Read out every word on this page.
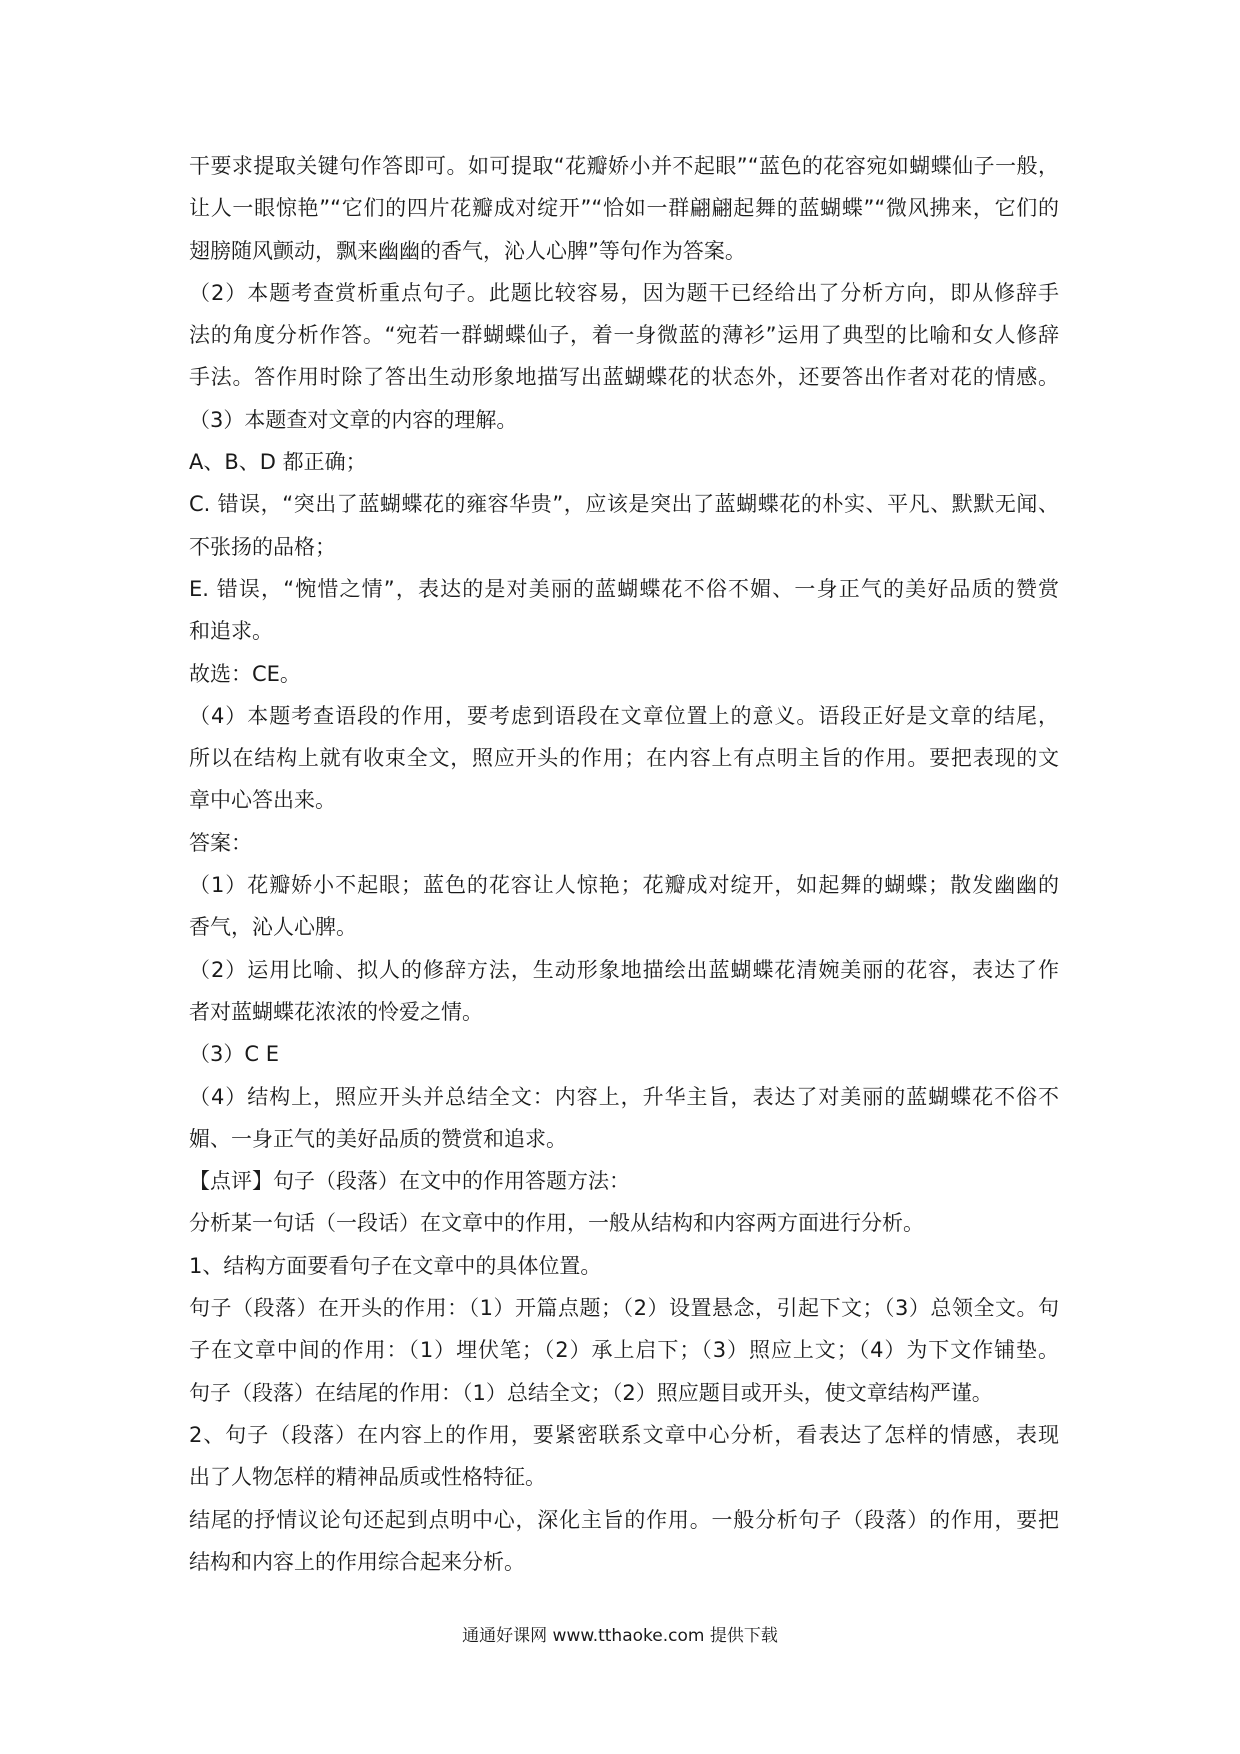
干要求提取关键句作答即可。如可提取“花瓣娇小并不起眼”“蓝色的花容宛如蝴蝶仙子一般，
让人一眼惊艳”“它们的四片花瓣成对绽开”“恰如一群翩翩起舞的蓝蝴蝶”“微风拂来，它们的
翅膀随风颤动，飘来幽幽的香气，沁人心脾”等句作为答案。
（2）本题考查赏析重点句子。此题比较容易，因为题干已经给出了分析方向，即从修辞手
法的角度分析作答。“宛若一群蝴蝶仙子，着一身微蓝的薄衫”运用了典型的比喻和女人修辞
手法。答作用时除了答出生动形象地描写出蓝蝴蝶花的状态外，还要答出作者对花的情感。
（3）本题查对文章的内容的理解。
A、B、D 都正确；
C. 错误，“突出了蓝蝴蝶花的雍容华贵”，应该是突出了蓝蝴蝶花的朴实、平凡、默默无闻、
不张扬的品格；
E. 错误，“惋惜之情”，表达的是对美丽的蓝蝴蝶花不俗不媚、一身正气的美好品质的赞赏
和追求。
故选：CE。
（4）本题考查语段的作用，要考虑到语段在文章位置上的意义。语段正好是文章的结尾，
所以在结构上就有收束全文，照应开头的作用；在内容上有点明主旨的作用。要把表现的文
章中心答出来。
答案：
（1）花瓣娇小不起眼；蓝色的花容让人惊艳；花瓣成对绽开，如起舞的蝴蝶；散发幽幽的
香气，沁人心脾。
（2）运用比喻、拟人的修辞方法，生动形象地描绘出蓝蝴蝶花清婉美丽的花容，表达了作
者对蓝蝴蝶花浓浓的怜爱之情。
（3）C E
（4）结构上，照应开头并总结全文：内容上，升华主旨，表达了对美丽的蓝蝴蝶花不俗不
媚、一身正气的美好品质的赞赏和追求。
【点评】句子（段落）在文中的作用答题方法：
分析某一句话（一段话）在文章中的作用，一般从结构和内容两方面进行分析。
1、结构方面要看句子在文章中的具体位置。
句子（段落）在开头的作用：（1）开篇点题；（2）设置悬念，引起下文；（3）总领全文。句
子在文章中间的作用：（1）埋伏笔；（2）承上启下；（3）照应上文；（4）为下文作铺垫。
句子（段落）在结尾的作用：（1）总结全文；（2）照应题目或开头，使文章结构严谨。
2、句子（段落）在内容上的作用，要紧密联系文章中心分析，看表达了怎样的情感，表现
出了人物怎样的精神品质或性格特征。
结尾的抒情议论句还起到点明中心，深化主旨的作用。一般分析句子（段落）的作用，要把
结构和内容上的作用综合起来分析。
通通好课网 www.tthaoke.com 提供下载
